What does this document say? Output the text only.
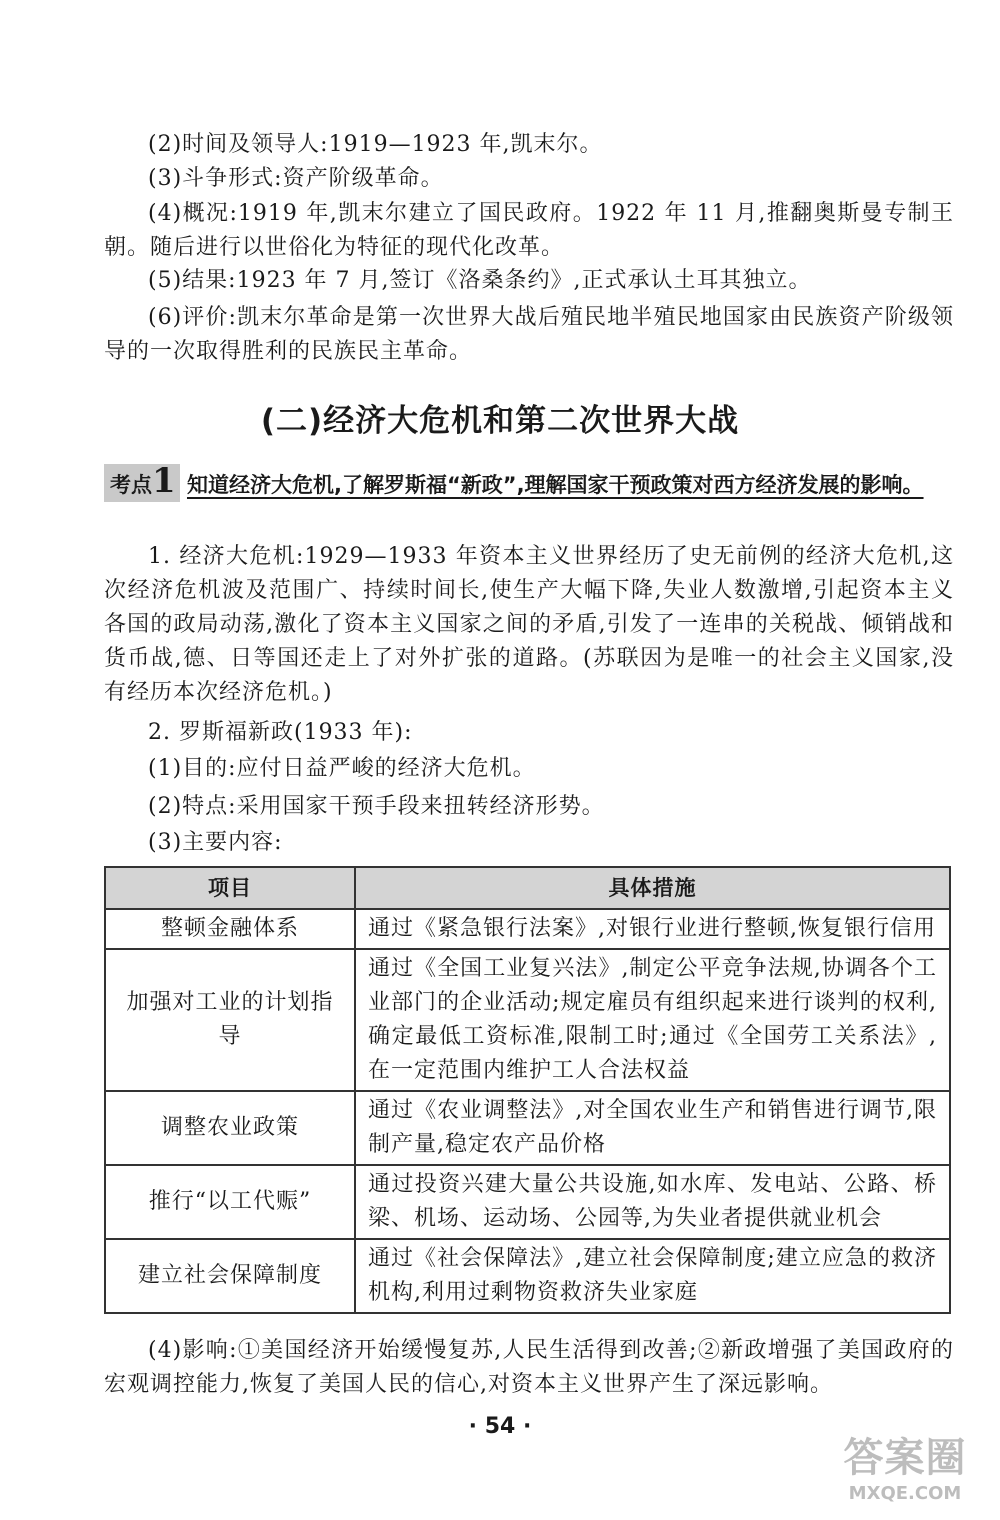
(2)时间及领导人:1919—1923 年,凯末尔。

(3)斗争形式:资产阶级革命。

(4)概况:1919 年,凯末尔建立了国民政府。1922 年 11 月,推翻奥斯曼专制王朝。随后进行以世俗化为特征的现代化改革。

(5)结果:1923 年 7 月,签订《洛桑条约》,正式承认土耳其独立。

(6)评价:凯末尔革命是第一次世界大战后殖民地半殖民地国家由民族资产阶级领导的一次取得胜利的民族民主革命。

(二)经济大危机和第二次世界大战
考点1 知道经济大危机,了解罗斯福“新政”,理解国家干预政策对西方经济发展的影响。

1. 经济大危机:1929—1933 年资本主义世界经历了史无前例的经济大危机,这次经济危机波及范围广、持续时间长,使生产大幅下降,失业人数激增,引起资本主义各国的政局动荡,激化了资本主义国家之间的矛盾,引发了一连串的关税战、倾销战和货币战,德、日等国还走上了对外扩张的道路。(苏联因为是唯一的社会主义国家,没有经历本次经济危机。)

2. 罗斯福新政(1933 年):

(1)目的:应付日益严峻的经济大危机。

(2)特点:采用国家干预手段来扭转经济形势。

(3)主要内容:

项目	具体措施
整顿金融体系	通过《紧急银行法案》,对银行业进行整顿,恢复银行信用
加强对工业的计划指导	通过《全国工业复兴法》,制定公平竞争法规,协调各个工业部门的企业活动;规定雇员有组织起来进行谈判的权利,确定最低工资标准,限制工时;通过《全国劳工关系法》,在一定范围内维护工人合法权益
调整农业政策	通过《农业调整法》,对全国农业生产和销售进行调节,限制产量,稳定农产品价格
推行“以工代赈”	通过投资兴建大量公共设施,如水库、发电站、公路、桥梁、机场、运动场、公园等,为失业者提供就业机会
建立社会保障制度	通过《社会保障法》,建立社会保障制度;建立应急的救济机构,利用过剩物资救济失业家庭

(4)影响:①美国经济开始缓慢复苏,人民生活得到改善;②新政增强了美国政府的宏观调控能力,恢复了美国人民的信心,对资本主义世界产生了深远影响。

· 54 ·
答案圈
MXQE.COM
